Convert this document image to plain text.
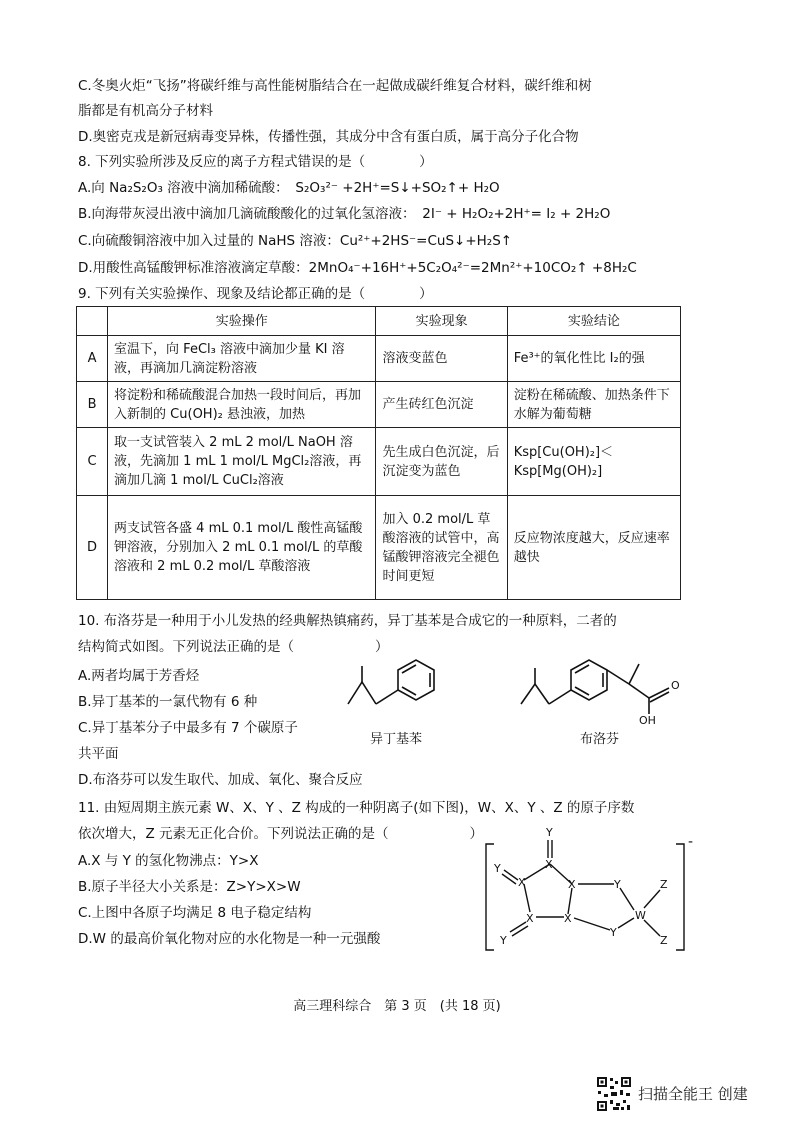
C.冬奥火炬“飞扬”将碳纤维与高性能树脂结合在一起做成碳纤维复合材料，碳纤维和树
脂都是有机高分子材料
D.奥密克戎是新冠病毒变异株，传播性强，其成分中含有蛋白质，属于高分子化合物
8. 下列实验所涉及反应的离子方程式错误的是（　　　　）
A.向 Na₂S₂O₃ 溶液中滴加稀硫酸：　S₂O₃²⁻ +2H⁺=S↓+SO₂↑+ H₂O
B.向海带灰浸出液中滴加几滴硫酸酸化的过氧化氢溶液：　2I⁻ + H₂O₂+2H⁺= I₂ + 2H₂O
C.向硫酸铜溶液中加入过量的 NaHS 溶液：Cu²⁺+2HS⁻=CuS↓+H₂S↑
D.用酸性高锰酸钾标准溶液滴定草酸：2MnO₄⁻+16H⁺+5C₂O₄²⁻=2Mn²⁺+10CO₂↑ +8H₂C
9. 下列有关实验操作、现象及结论都正确的是（　　　　）
	实验操作	实验现象	实验结论
A	室温下，向 FeCl₃ 溶液中滴加少量 KI 溶液，再滴加几滴淀粉溶液	溶液变蓝色	Fe³⁺的氧化性比 I₂的强
B	将淀粉和稀硫酸混合加热一段时间后，再加入新制的 Cu(OH)₂ 悬浊液，加热	产生砖红色沉淀	淀粉在稀硫酸、加热条件下水解为葡萄糖
C	取一支试管装入 2 mL 2 mol/L NaOH 溶液，先滴加 1 mL 1 mol/L MgCl₂溶液，再滴加几滴 1 mol/L CuCl₂溶液	先生成白色沉淀，后沉淀变为蓝色	Ksp[Cu(OH)₂]＜ Ksp[Mg(OH)₂]
D	两支试管各盛 4 mL 0.1 mol/L 酸性高锰酸钾溶液，分别加入 2 mL 0.1 mol/L 的草酸溶液和 2 mL 0.2 mol/L 草酸溶液	加入 0.2 mol/L 草酸溶液的试管中，高锰酸钾溶液完全褪色时间更短	反应物浓度越大，反应速率越快
10. 布洛芬是一种用于小儿发热的经典解热镇痛药，异丁基苯是合成它的一种原料，二者的
结构简式如图。下列说法正确的是（　　　　　　）
A.两者均属于芳香烃
B.异丁基苯的一氯代物有 6 种
C.异丁基苯分子中最多有 7 个碳原子
共平面
D.布洛芬可以发生取代、加成、氧化、聚合反应
异丁基苯
O
OH
布洛芬
11. 由短周期主族元素 W、X、Y 、Z 构成的一种阴离子(如下图)，W、X、Y 、Z 的原子序数
依次增大，Z 元素无正化合价。下列说法正确的是（　　　　　　）
A.X 与 Y 的氢化物沸点：Y>X
B.原子半径大小关系是：Z>Y>X>W
C.上图中各原子均满足 8 电子稳定结构
D.W 的最高价氧化物对应的水化物是一种一元强酸
Y
X
Y
X	X
X	X
Y
Y
Y
W
Z
Z
-
高三理科综合　第 3 页　(共 18 页)
扫描全能王 创建
